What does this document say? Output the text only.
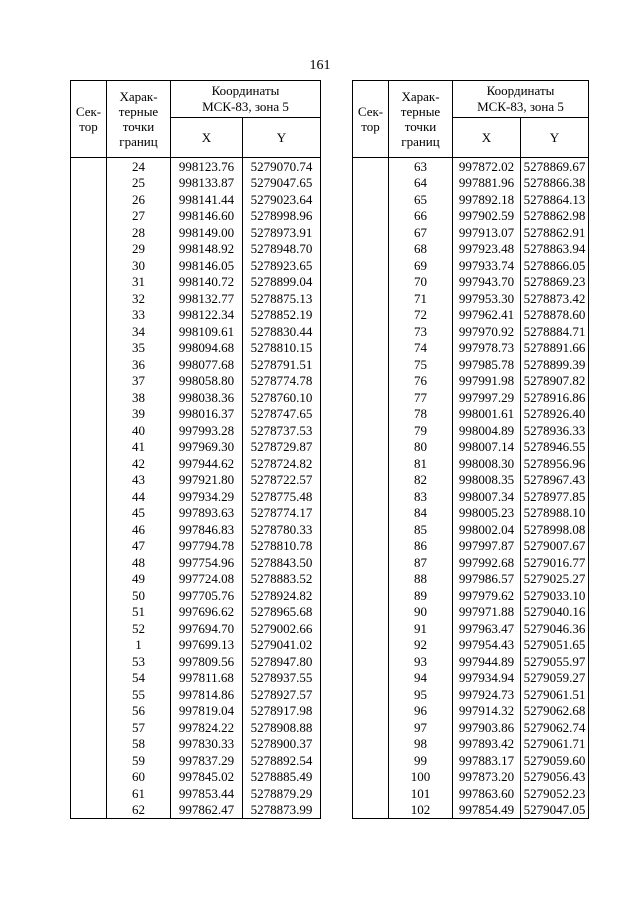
161
Сек-
тор	Харак-
терные
точки
границ	Координаты
МСК-83, зона 5	
		X	Y
	24	998123.76	5279070.74
	25	998133.87	5279047.65
	26	998141.44	5279023.64
	27	998146.60	5278998.96
	28	998149.00	5278973.91
	29	998148.92	5278948.70
	30	998146.05	5278923.65
	31	998140.72	5278899.04
	32	998132.77	5278875.13
	33	998122.34	5278852.19
	34	998109.61	5278830.44
	35	998094.68	5278810.15
	36	998077.68	5278791.51
	37	998058.80	5278774.78
	38	998038.36	5278760.10
	39	998016.37	5278747.65
	40	997993.28	5278737.53
	41	997969.30	5278729.87
	42	997944.62	5278724.82
	43	997921.80	5278722.57
	44	997934.29	5278775.48
	45	997893.63	5278774.17
	46	997846.83	5278780.33
	47	997794.78	5278810.78
	48	997754.96	5278843.50
	49	997724.08	5278883.52
	50	997705.76	5278924.82
	51	997696.62	5278965.68
	52	997694.70	5279002.66
	1	997699.13	5279041.02
	53	997809.56	5278947.80
	54	997811.68	5278937.55
	55	997814.86	5278927.57
	56	997819.04	5278917.98
	57	997824.22	5278908.88
	58	997830.33	5278900.37
	59	997837.29	5278892.54
	60	997845.02	5278885.49
	61	997853.44	5278879.29
	62	997862.47	5278873.99
Сек-
тор	Харак-
терные
точки
границ	Координаты
МСК-83, зона 5	
		X	Y
	63	997872.02	5278869.67
	64	997881.96	5278866.38
	65	997892.18	5278864.13
	66	997902.59	5278862.98
	67	997913.07	5278862.91
	68	997923.48	5278863.94
	69	997933.74	5278866.05
	70	997943.70	5278869.23
	71	997953.30	5278873.42
	72	997962.41	5278878.60
	73	997970.92	5278884.71
	74	997978.73	5278891.66
	75	997985.78	5278899.39
	76	997991.98	5278907.82
	77	997997.29	5278916.86
	78	998001.61	5278926.40
	79	998004.89	5278936.33
	80	998007.14	5278946.55
	81	998008.30	5278956.96
	82	998008.35	5278967.43
	83	998007.34	5278977.85
	84	998005.23	5278988.10
	85	998002.04	5278998.08
	86	997997.87	5279007.67
	87	997992.68	5279016.77
	88	997986.57	5279025.27
	89	997979.62	5279033.10
	90	997971.88	5279040.16
	91	997963.47	5279046.36
	92	997954.43	5279051.65
	93	997944.89	5279055.97
	94	997934.94	5279059.27
	95	997924.73	5279061.51
	96	997914.32	5279062.68
	97	997903.86	5279062.74
	98	997893.42	5279061.71
	99	997883.17	5279059.60
	100	997873.20	5279056.43
	101	997863.60	5279052.23
	102	997854.49	5279047.05
